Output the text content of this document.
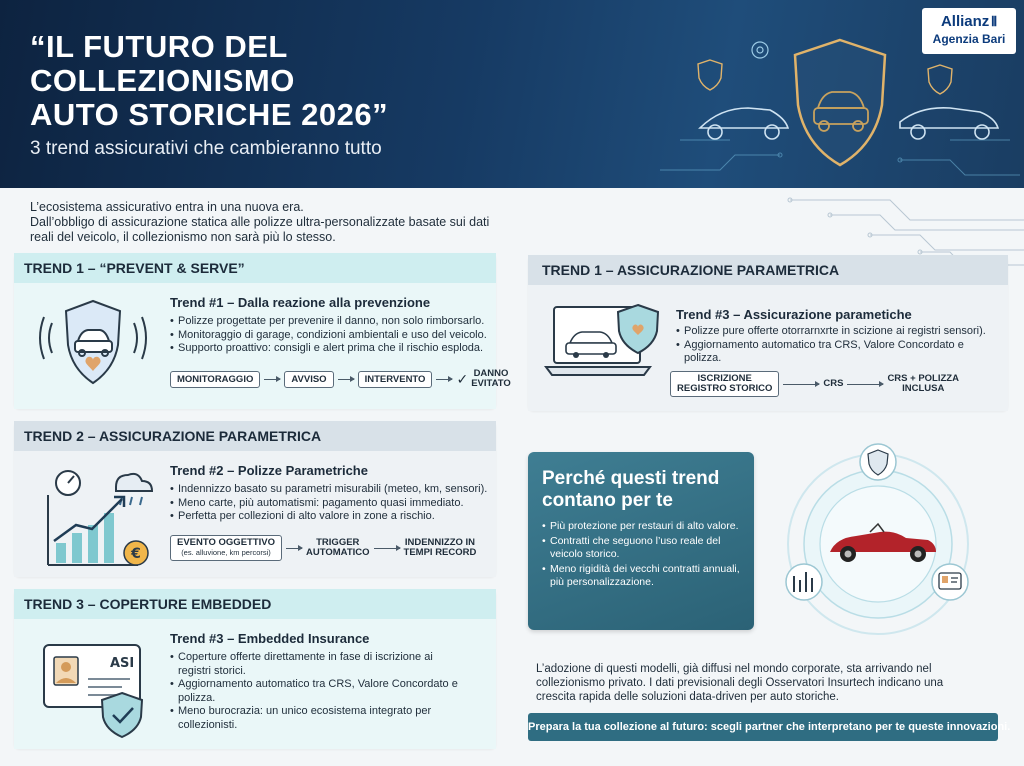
“IL FUTURO DEL
COLLEZIONISMO
AUTO STORICHE 2026”
3 trend assicurativi che cambieranno tutto
Allianz ⦀
Agenzia Bari
L’ecosistema assicurativo entra in una nuova era.
Dall’obbligo di assicurazione statica alle polizze ultra-personalizzate basate sui dati
reali del veicolo, il collezionismo non sarà più lo stesso.
TREND 1 – “PREVENT & SERVE”
Trend #1 – Dalla reazione alla prevenzione
• Polizze progettate per prevenire il danno, non solo rimborsarlo.
• Monitoraggio di garage, condizioni ambientali e uso del veicolo.
• Supporto proattivo: consigli e alert prima che il rischio esploda.
MONITORAGGIO	AVVISO	INTERVENTO	✓ DANNO
EVITATO
TREND 2 – ASSICURAZIONE PARAMETRICA
€
Trend #2 – Polizze Parametriche
• Indennizzo basato su parametri misurabili (meteo, km, sensori).
• Meno carte, più automatismi: pagamento quasi immediato.
• Perfetta per collezioni di alto valore in zone a rischio.
EVENTO OGGETTIVO
(es. alluvione, km percorsi)
TRIGGER
AUTOMATICO
INDENNIZZO IN
TEMPI RECORD
TREND 3 – COPERTURE EMBEDDED
ASI
Trend #3 – Embedded Insurance
• Coperture offerte direttamente in fase di iscrizione ai registri storici.
• Aggiornamento automatico tra CRS, Valore Concordato e polizza.
• Meno burocrazia: un unico ecosistema integrato per collezionisti.
TREND 1 – ASSICURAZIONE PARAMETRICA
Trend #3 – Assicurazione parametiche
• Polizze pure offerte otorrarnxrte in scizione ai registri sensori).
• Aggiornamento automatico tra CRS, Valore Concordato e polizza.
ISCRIZIONE
REGISTRO STORICO	CRS	CRS + POLIZZA
INCLUSA
Perché questi trend contano per te
• Più protezione per restauri di alto valore.
• Contratti che seguono l’uso reale del veicolo storico.
• Meno rigidità dei vecchi contratti annuali, più personalizzazione.
L’adozione di questi modelli, già diffusi nel mondo corporate, sta arrivando nel
collezionismo privato. I dati previsionali degli Osservatori Insurtech indicano una
crescita rapida delle soluzioni data-driven per auto storiche.
Prepara la tua collezione al futuro: scegli partner che interpretano per te queste innovazioni.
